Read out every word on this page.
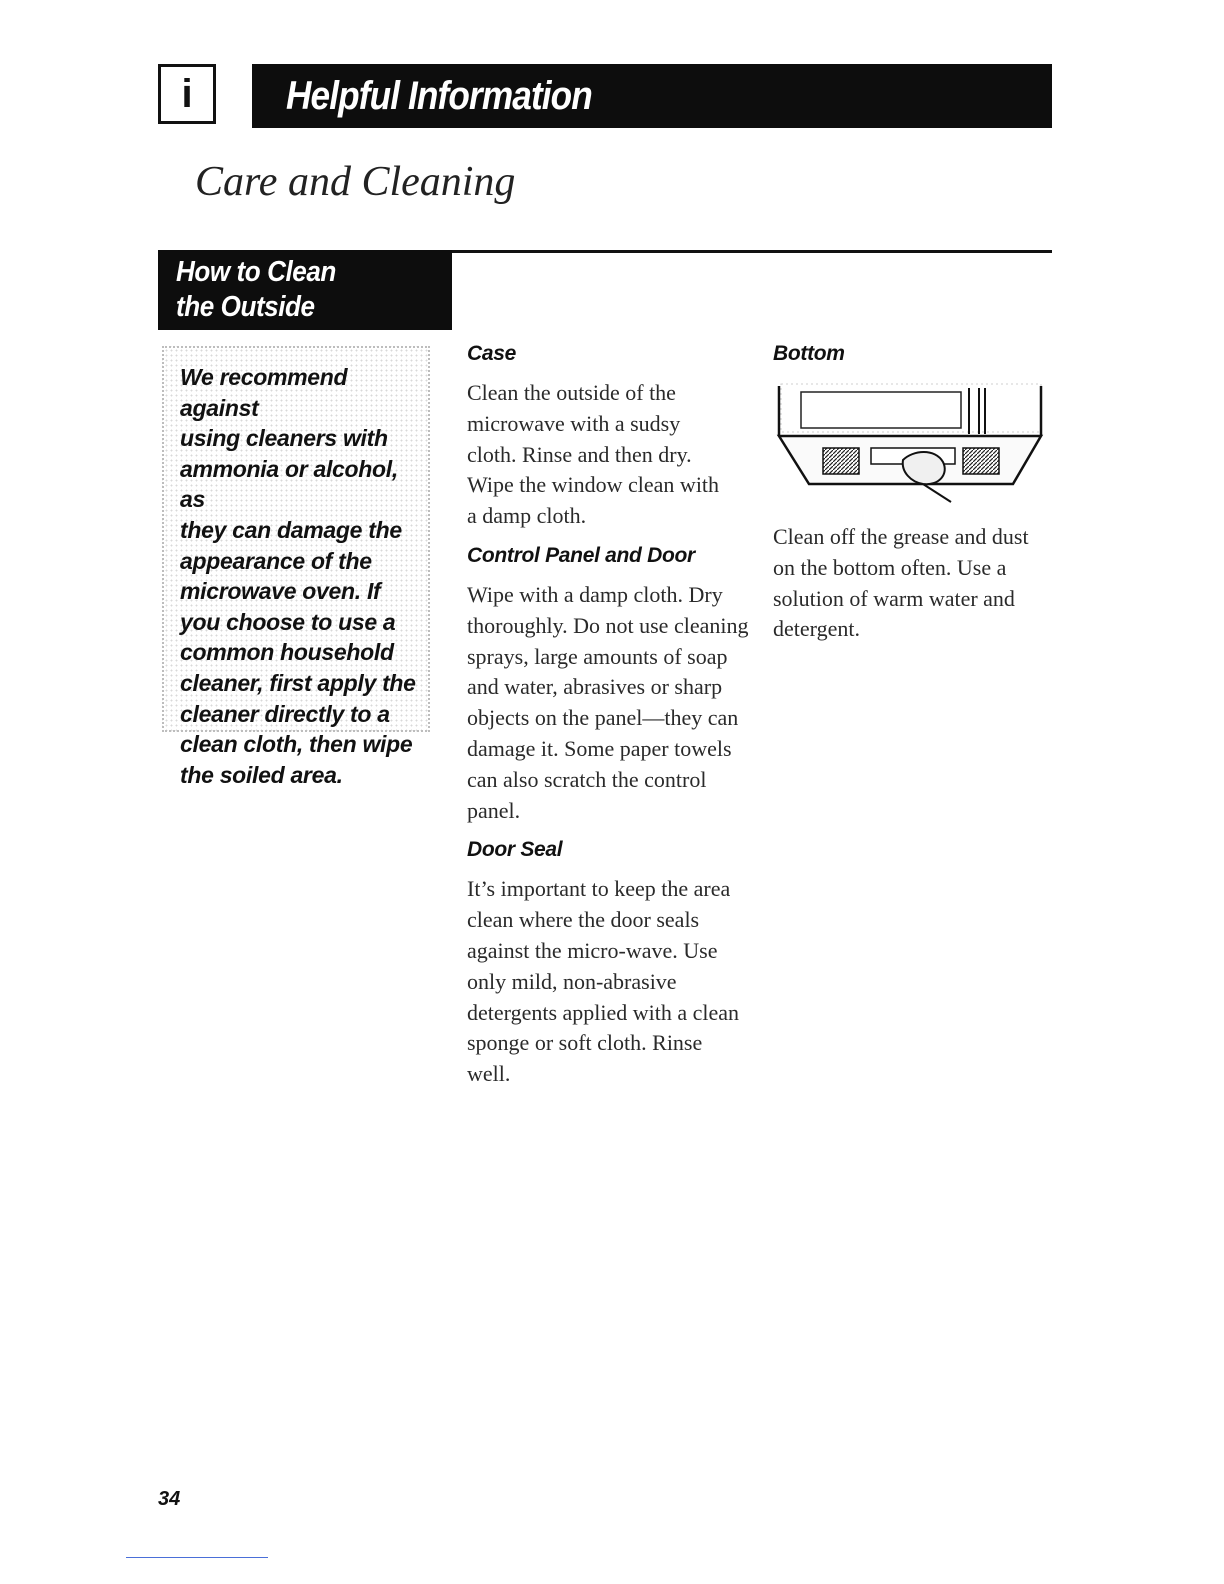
i Helpful Information
Care and Cleaning
How to Clean
the Outside
We recommend against
using cleaners with
ammonia or alcohol, as
they can damage the
appearance of the
microwave oven. If
you choose to use a
common household
cleaner, first apply the
cleaner directly to a
clean cloth, then wipe
the soiled area.
Case
Clean the outside of the microwave with a sudsy cloth. Rinse and then dry. Wipe the window clean with a damp cloth.
Control Panel and Door
Wipe with a damp cloth. Dry thoroughly. Do not use cleaning sprays, large amounts of soap and water, abrasives or sharp objects on the panel—they can damage it. Some paper towels can also scratch the control panel.
Door Seal
It’s important to keep the area clean where the door seals against the micro-wave. Use only mild, non-abrasive detergents applied with a clean sponge or soft cloth. Rinse well.
Bottom
Clean off the grease and dust on the bottom often. Use a solution of warm water and detergent.
34
